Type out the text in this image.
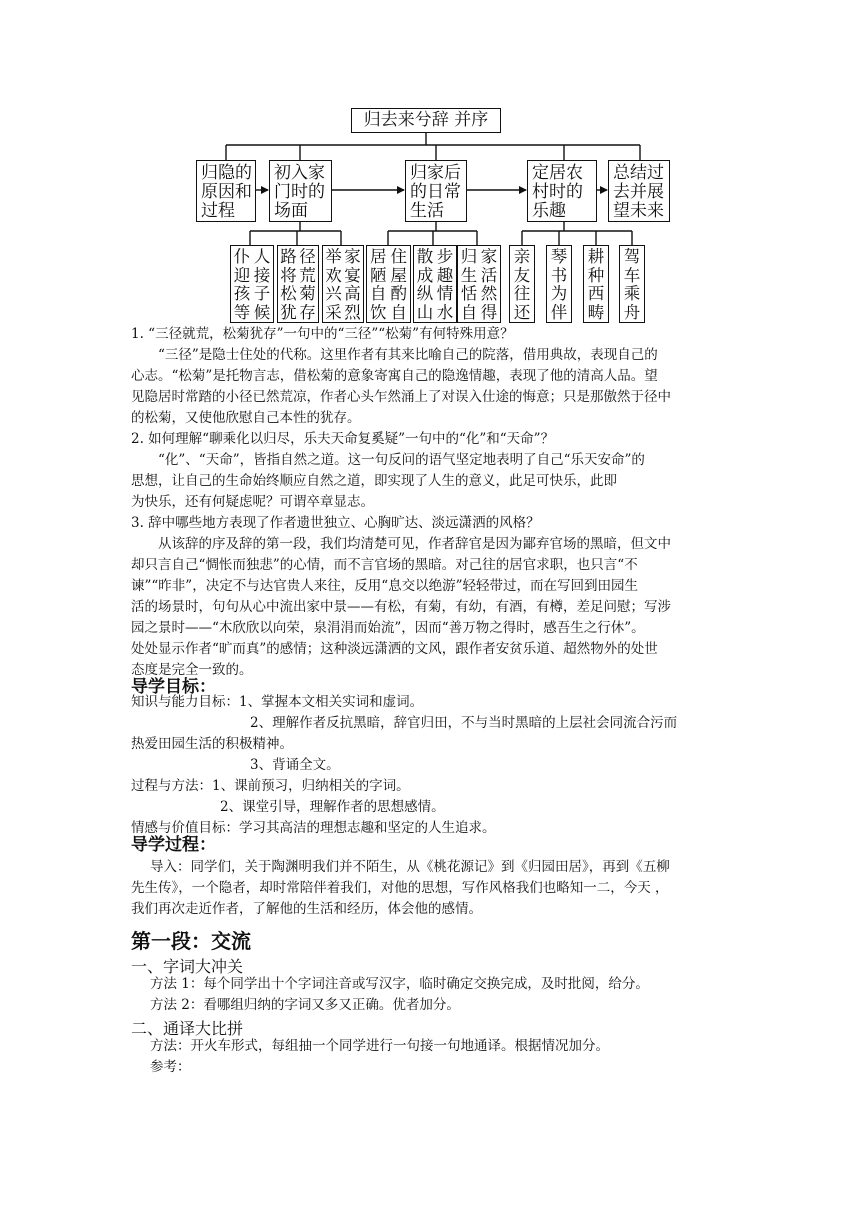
归去来兮辞 并序
归隐的
原因和
过程
初入家
门时的
场面
归家后
的日常
生活
定居农
村时的
乐趣
总结过
去并展
望未来
仆
迎
孩
等
人
接
子
候
路
将
松
犹
径
荒
菊
存
举
欢
兴
采
家
宴
高
烈
居
陋
自
饮
住
屋
酌
自
散
成
纵
山
步
趣
情
水
归
生
恬
自
家
活
然
得
亲
友
往
还
琴
书
为
伴
耕
种
西
畴
驾
车
乘
舟
1. “三径就荒，松菊犹存”一句中的“三径”“松菊”有何特殊用意？
“三径”是隐士住处的代称。这里作者有其来比喻自己的院落，借用典故，表现自己的
心志。“松菊”是托物言志，借松菊的意象寄寓自己的隐逸情趣，表现了他的清高人品。望
见隐居时常踏的小径已然荒凉，作者心头乍然涌上了对误入仕途的悔意；只是那傲然于径中
的松菊，又使他欣慰自己本性的犹存。
2. 如何理解“聊乘化以归尽，乐夫天命复奚疑”一句中的“化”和“天命”？
“化”、“天命”，皆指自然之道。这一句反问的语气坚定地表明了自己“乐天安命”的
思想，让自己的生命始终顺应自然之道，即实现了人生的意义，此足可快乐，此即
为快乐，还有何疑虑呢？可谓卒章显志。
3. 辞中哪些地方表现了作者遗世独立、心胸旷达、淡远潇洒的风格？
从该辞的序及辞的第一段，我们均清楚可见，作者辞官是因为鄙弃官场的黑暗，但文中
却只言自己“惆怅而独悲”的心情，而不言官场的黑暗。对己往的居官求职，也只言“不
谏”“昨非”，决定不与达官贵人来往，反用“息交以绝游”轻轻带过，而在写回到田园生
活的场景时，句句从心中流出家中景——有松，有菊，有幼，有酒，有樽，差足问慰；写涉
园之景时——“木欣欣以向荣，泉涓涓而始流”，因而“善万物之得时，感吾生之行休”。
处处显示作者“旷而真”的感情；这种淡远潇洒的文风，跟作者安贫乐道、超然物外的处世
态度是完全一致的。
导学目标：
知识与能力目标：1、掌握本文相关实词和虚词。
2、理解作者反抗黑暗，辞官归田，不与当时黑暗的上层社会同流合污而
热爱田园生活的积极精神。
3、背诵全文。
过程与方法：1、课前预习，归纳相关的字词。
2、课堂引导，理解作者的思想感情。
情感与价值目标：学习其高洁的理想志趣和坚定的人生追求。
导学过程：
导入：同学们，关于陶渊明我们并不陌生，从《桃花源记》到《归园田居》，再到《五柳
先生传》，一个隐者，却时常陪伴着我们，对他的思想，写作风格我们也略知一二，今天 ，
我们再次走近作者，了解他的生活和经历，体会他的感情。
第一段：交流
一、字词大冲关
方法 1：每个同学出十个字词注音或写汉字，临时确定交换完成，及时批阅，给分。
方法 2：看哪组归纳的字词又多又正确。优者加分。
二、通译大比拼
方法：开火车形式，每组抽一个同学进行一句接一句地通译。根据情况加分。
参考：
